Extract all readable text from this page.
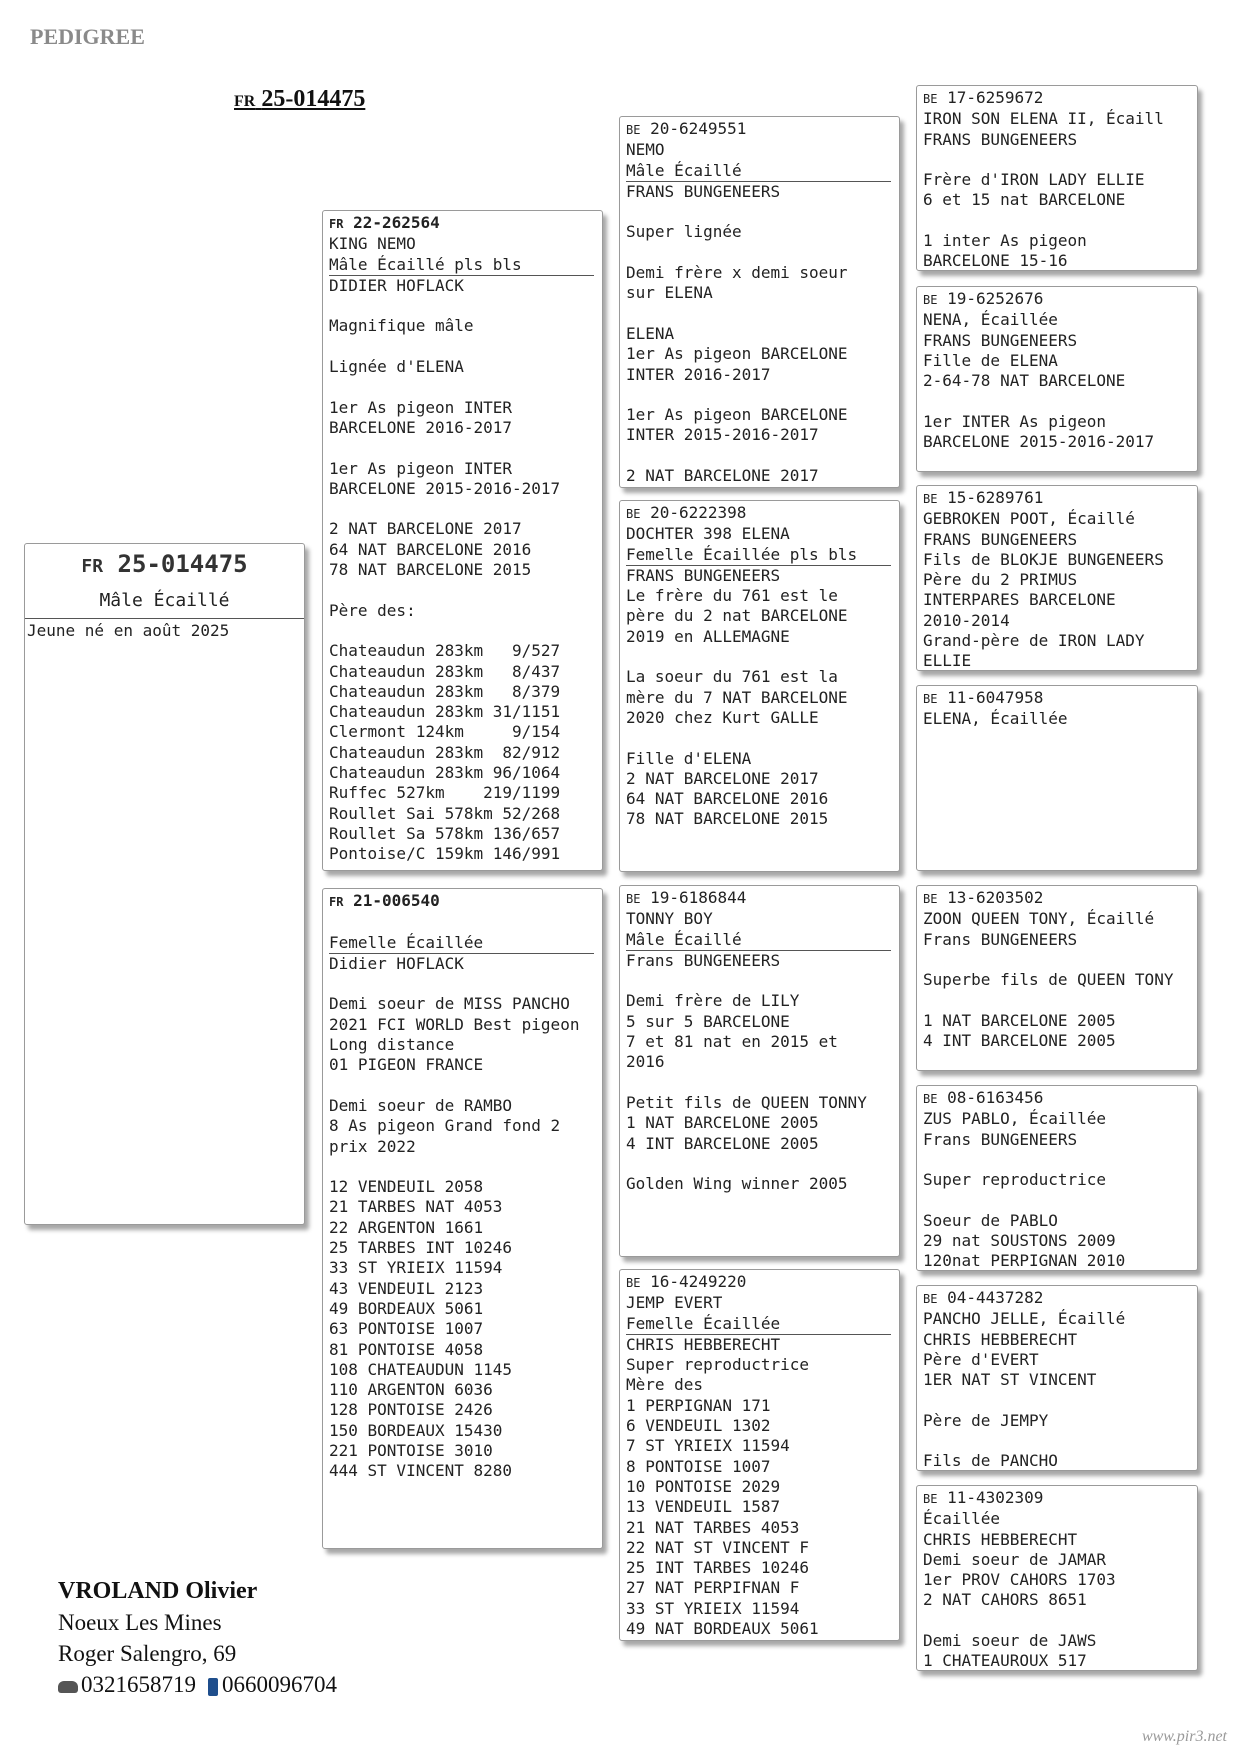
PEDIGREE
FR 25-014475
FR 25-014475
Mâle Écaillé
Jeune né en août 2025
FR 22-262564
KING NEMO
Mâle Écaillé pls bls
DIDIER HOFLACK
Magnifique mâle
Lignée d'ELENA
1er As pigeon INTER
BARCELONE 2016-2017
1er As pigeon INTER
BARCELONE 2015-2016-2017
2 NAT BARCELONE 2017
64 NAT BARCELONE 2016
78 NAT BARCELONE 2015
Père des:
Chateaudun 283km   9/527
Chateaudun 283km   8/437
Chateaudun 283km   8/379
Chateaudun 283km 31/1151
Clermont 124km     9/154
Chateaudun 283km  82/912
Chateaudun 283km 96/1064
Ruffec 527km    219/1199
Roullet Sai 578km 52/268
Roullet Sa 578km 136/657
Pontoise/C 159km 146/991
FR 21-006540
Femelle Écaillée
Didier HOFLACK
Demi soeur de MISS PANCHO
2021 FCI WORLD Best pigeon
Long distance
01 PIGEON FRANCE
Demi soeur de RAMBO
8 As pigeon Grand fond 2
prix 2022
12 VENDEUIL 2058
21 TARBES NAT 4053
22 ARGENTON 1661
25 TARBES INT 10246
33 ST YRIEIX 11594
43 VENDEUIL 2123
49 BORDEAUX 5061
63 PONTOISE 1007
81 PONTOISE 4058
108 CHATEAUDUN 1145
110 ARGENTON 6036
128 PONTOISE 2426
150 BORDEAUX 15430
221 PONTOISE 3010
444 ST VINCENT 8280
BE 20-6249551
NEMO
Mâle Écaillé
FRANS BUNGENEERS
Super lignée
Demi frère x demi soeur
sur ELENA
ELENA
1er As pigeon BARCELONE
INTER 2016-2017
1er As pigeon BARCELONE
INTER 2015-2016-2017
2 NAT BARCELONE 2017
BE 20-6222398
DOCHTER 398 ELENA
Femelle Écaillée pls bls
FRANS BUNGENEERS
Le frère du 761 est le
père du 2 nat BARCELONE
2019 en ALLEMAGNE
La soeur du 761 est la
mère du 7 NAT BARCELONE
2020 chez Kurt GALLE
Fille d'ELENA
2 NAT BARCELONE 2017
64 NAT BARCELONE 2016
78 NAT BARCELONE 2015
BE 19-6186844
TONNY BOY
Mâle Écaillé
Frans BUNGENEERS
Demi frère de LILY
5 sur 5 BARCELONE
7 et 81 nat en 2015 et
2016
Petit fils de QUEEN TONNY
1 NAT BARCELONE 2005
4 INT BARCELONE 2005
Golden Wing winner 2005
BE 16-4249220
JEMP EVERT
Femelle Écaillée
CHRIS HEBBERECHT
Super reproductrice
Mère des
1 PERPIGNAN 171
6 VENDEUIL 1302
7 ST YRIEIX 11594
8 PONTOISE 1007
10 PONTOISE 2029
13 VENDEUIL 1587
21 NAT TARBES 4053
22 NAT ST VINCENT F
25 INT TARBES 10246
27 NAT PERPIFNAN F
33 ST YRIEIX 11594
49 NAT BORDEAUX 5061
BE 17-6259672
IRON SON ELENA II, Écaill
FRANS BUNGENEERS
Frère d'IRON LADY ELLIE
6 et 15 nat BARCELONE
1 inter As pigeon
BARCELONE 15-16
BE 19-6252676
NENA, Écaillée
FRANS BUNGENEERS
Fille de ELENA
2-64-78 NAT BARCELONE
1er INTER As pigeon
BARCELONE 2015-2016-2017
BE 15-6289761
GEBROKEN POOT, Écaillé
FRANS BUNGENEERS
Fils de BLOKJE BUNGENEERS
Père du 2 PRIMUS
INTERPARES BARCELONE
2010-2014
Grand-père de IRON LADY
ELLIE
BE 11-6047958
ELENA, Écaillée
BE 13-6203502
ZOON QUEEN TONY, Écaillé
Frans BUNGENEERS
Superbe fils de QUEEN TONY
1 NAT BARCELONE 2005
4 INT BARCELONE 2005
BE 08-6163456
ZUS PABLO, Écaillée
Frans BUNGENEERS
Super reproductrice
Soeur de PABLO
29 nat SOUSTONS 2009
120nat PERPIGNAN 2010
BE 04-4437282
PANCHO JELLE, Écaillé
CHRIS HEBBERECHT
Père d'EVERT
1ER NAT ST VINCENT
Père de JEMPY
Fils de PANCHO
BE 11-4302309
Écaillée
CHRIS HEBBERECHT
Demi soeur de JAMAR
1er PROV CAHORS 1703
2 NAT CAHORS 8651
Demi soeur de JAWS
1 CHATEAUROUX 517
VROLAND Olivier
Noeux Les Mines
Roger Salengro, 69
0321658719 0660096704
www.pir3.net
